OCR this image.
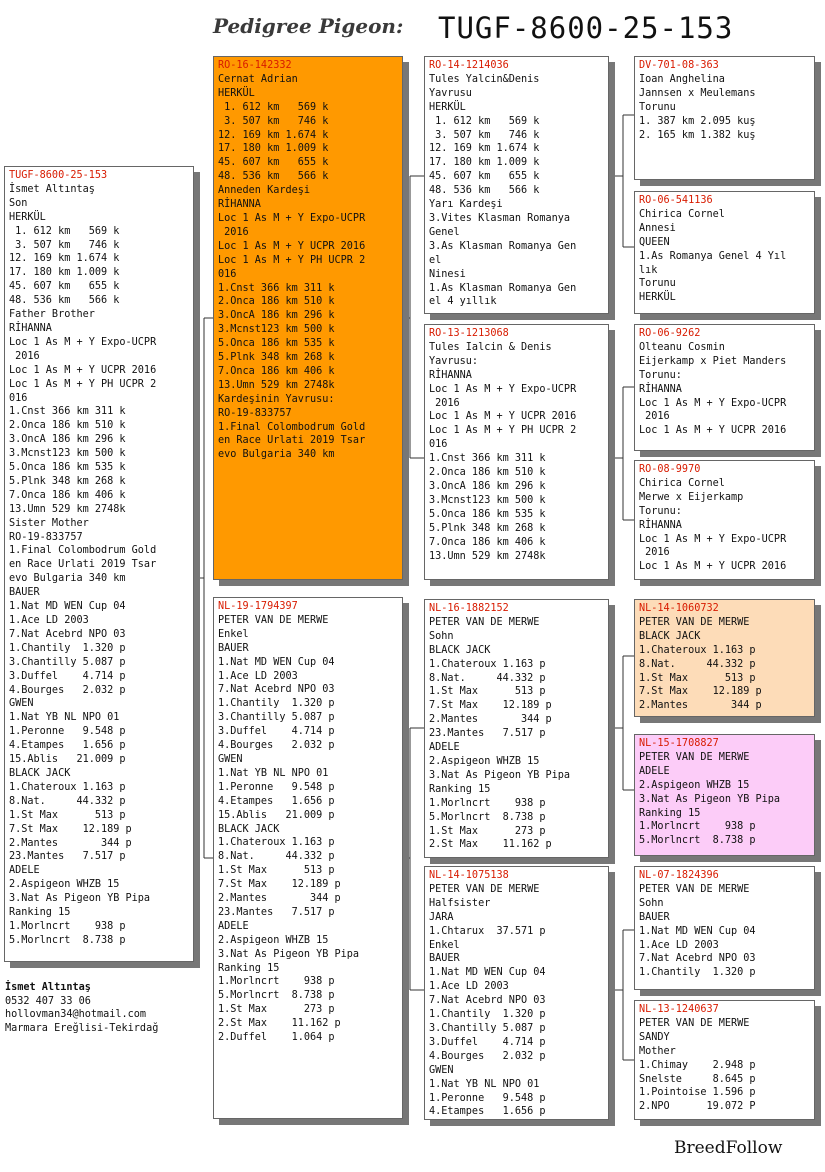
Pedigree Pigeon: TUGF-8600-25-153
TUGF-8600-25-153
İsmet Altıntaş
Son
HERKÜL
1. 612 km   569 k
3. 507 km   746 k
12. 169 km 1.674 k
17. 180 km 1.009 k
45. 607 km   655 k
48. 536 km   566 k
Father Brother
RİHANNA
Loc 1 As M + Y Expo-UCPR
2016
Loc 1 As M + Y UCPR 2016
Loc 1 As M + Y PH UCPR 2
016
1.Cnst 366 km 311 k
2.Onca 186 km 510 k
3.OncA 186 km 296 k
3.Mcnst123 km 500 k
5.Onca 186 km 535 k
5.Plnk 348 km 268 k
7.Onca 186 km 406 k
13.Umn 529 km 2748k
Sister Mother
RO-19-833757
1.Final Colombodrum Gold
en Race Urlati 2019 Tsar
evo Bulgaria 340 km
BAUER
1.Nat MD WEN Cup 04
1.Ace LD 2003
7.Nat Acebrd NPO 03
1.Chantily  1.320 p
3.Chantilly 5.087 p
3.Duffel    4.714 p
4.Bourges   2.032 p
GWEN
1.Nat YB NL NPO 01
1.Peronne   9.548 p
4.Etampes   1.656 p
15.Ablis   21.009 p
BLACK JACK
1.Chateroux 1.163 p
8.Nat.     44.332 p
1.St Max      513 p
7.St Max    12.189 p
2.Mantes       344 p
23.Mantes   7.517 p
ADELE
2.Aspigeon WHZB 15
3.Nat As Pigeon YB Pipa
Ranking 15
1.Morlncrt    938 p
5.Morlncrt  8.738 p
RO-16-142332
Cernat Adrian
HERKÜL
1. 612 km   569 k
3. 507 km   746 k
12. 169 km 1.674 k
17. 180 km 1.009 k
45. 607 km   655 k
48. 536 km   566 k
Anneden Kardeşi
RİHANNA
Loc 1 As M + Y Expo-UCPR
2016
Loc 1 As M + Y UCPR 2016
Loc 1 As M + Y PH UCPR 2
016
1.Cnst 366 km 311 k
2.Onca 186 km 510 k
3.OncA 186 km 296 k
3.Mcnst123 km 500 k
5.Onca 186 km 535 k
5.Plnk 348 km 268 k
7.Onca 186 km 406 k
13.Umn 529 km 2748k
Kardeşinin Yavrusu:
RO-19-833757
1.Final Colombodrum Gold
en Race Urlati 2019 Tsar
evo Bulgaria 340 km
NL-19-1794397
PETER VAN DE MERWE
Enkel
BAUER
1.Nat MD WEN Cup 04
1.Ace LD 2003
7.Nat Acebrd NPO 03
1.Chantily  1.320 p
3.Chantilly 5.087 p
3.Duffel    4.714 p
4.Bourges   2.032 p
GWEN
1.Nat YB NL NPO 01
1.Peronne   9.548 p
4.Etampes   1.656 p
15.Ablis   21.009 p
BLACK JACK
1.Chateroux 1.163 p
8.Nat.     44.332 p
1.St Max      513 p
7.St Max    12.189 p
2.Mantes       344 p
23.Mantes   7.517 p
ADELE
2.Aspigeon WHZB 15
3.Nat As Pigeon YB Pipa
Ranking 15
1.Morlncrt    938 p
5.Morlncrt  8.738 p
1.St Max      273 p
2.St Max    11.162 p
2.Duffel    1.064 p
RO-14-1214036
Tules Yalcin&Denis
Yavrusu
HERKÜL
1. 612 km   569 k
3. 507 km   746 k
12. 169 km 1.674 k
17. 180 km 1.009 k
45. 607 km   655 k
48. 536 km   566 k
Yarı Kardeşi
3.Vites Klasman Romanya
Genel
3.As Klasman Romanya Gen
el
Ninesi
1.As Klasman Romanya Gen
el 4 yıllık
RO-13-1213068
Tules Ialcin & Denis
Yavrusu:
RİHANNA
Loc 1 As M + Y Expo-UCPR
2016
Loc 1 As M + Y UCPR 2016
Loc 1 As M + Y PH UCPR 2
016
1.Cnst 366 km 311 k
2.Onca 186 km 510 k
3.OncA 186 km 296 k
3.Mcnst123 km 500 k
5.Onca 186 km 535 k
5.Plnk 348 km 268 k
7.Onca 186 km 406 k
13.Umn 529 km 2748k
NL-16-1882152
PETER VAN DE MERWE
Sohn
BLACK JACK
1.Chateroux 1.163 p
8.Nat.     44.332 p
1.St Max      513 p
7.St Max    12.189 p
2.Mantes       344 p
23.Mantes   7.517 p
ADELE
2.Aspigeon WHZB 15
3.Nat As Pigeon YB Pipa
Ranking 15
1.Morlncrt    938 p
5.Morlncrt  8.738 p
1.St Max      273 p
2.St Max    11.162 p
NL-14-1075138
PETER VAN DE MERWE
Halfsister
JARA
1.Chtarux  37.571 p
Enkel
BAUER
1.Nat MD WEN Cup 04
1.Ace LD 2003
7.Nat Acebrd NPO 03
1.Chantily  1.320 p
3.Chantilly 5.087 p
3.Duffel    4.714 p
4.Bourges   2.032 p
GWEN
1.Nat YB NL NPO 01
1.Peronne   9.548 p
4.Etampes   1.656 p
DV-701-08-363
Ioan Anghelina
Jannsen x Meulemans
Torunu
1. 387 km 2.095 kuş
2. 165 km 1.382 kuş
RO-06-541136
Chirica Cornel
Annesi
QUEEN
1.As Romanya Genel 4 Yıl
lık
Torunu
HERKÜL
RO-06-9262
Olteanu Cosmin
Eijerkamp x Piet Manders
Torunu:
RİHANNA
Loc 1 As M + Y Expo-UCPR
2016
Loc 1 As M + Y UCPR 2016
RO-08-9970
Chirica Cornel
Merwe x Eijerkamp
Torunu:
RİHANNA
Loc 1 As M + Y Expo-UCPR
2016
Loc 1 As M + Y UCPR 2016
NL-14-1060732
PETER VAN DE MERWE
BLACK JACK
1.Chateroux 1.163 p
8.Nat.     44.332 p
1.St Max      513 p
7.St Max    12.189 p
2.Mantes       344 p
NL-15-1708827
PETER VAN DE MERWE
ADELE
2.Aspigeon WHZB 15
3.Nat As Pigeon YB Pipa
Ranking 15
1.Morlncrt    938 p
5.Morlncrt  8.738 p
NL-07-1824396
PETER VAN DE MERWE
Sohn
BAUER
1.Nat MD WEN Cup 04
1.Ace LD 2003
7.Nat Acebrd NPO 03
1.Chantily  1.320 p
NL-13-1240637
PETER VAN DE MERWE
SANDY
Mother
1.Chimay    2.948 p
Snelste     8.645 p
1.Pointoise 1.596 p
2.NPO      19.072 P
İsmet Altıntaş
0532 407 33 06
hollovman34@hotmail.com
Marmara Ereğlisi-Tekirdağ
BreedFollow
